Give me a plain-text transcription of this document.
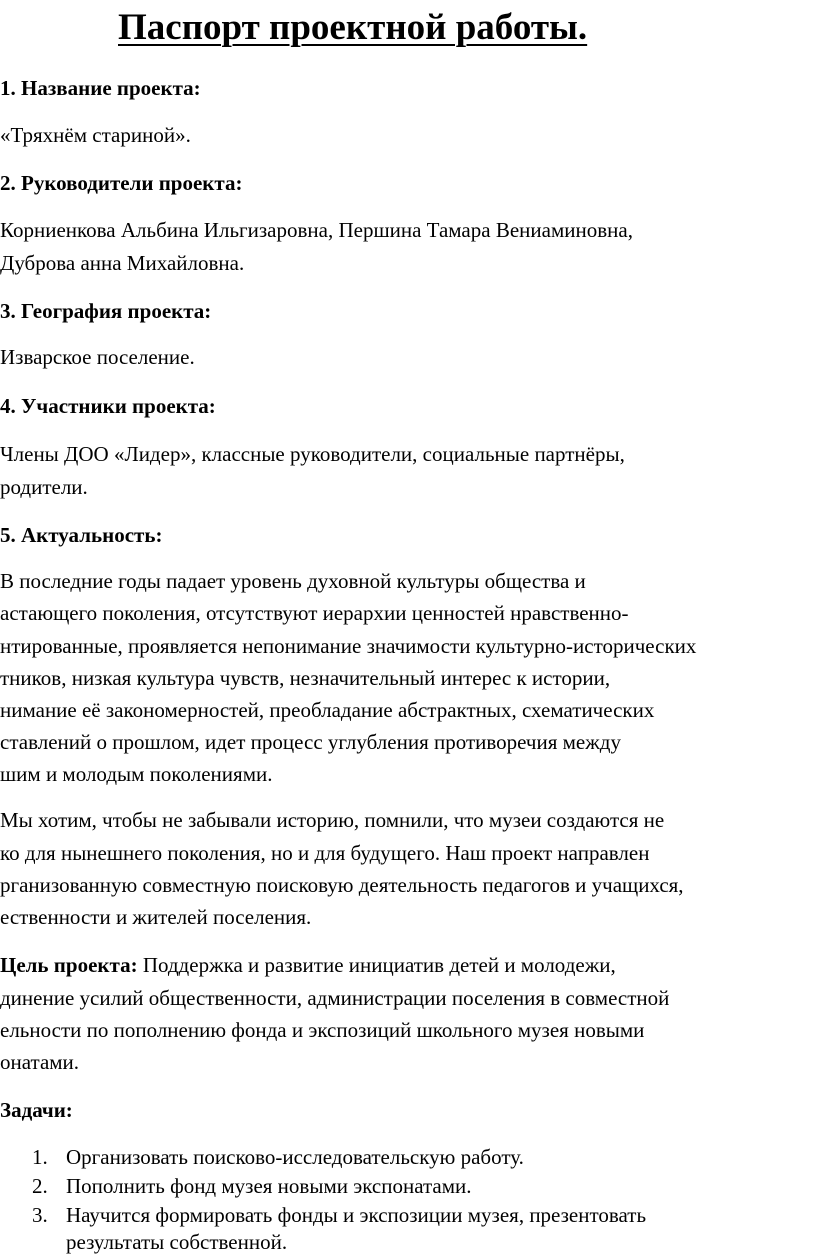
Паспорт проектной работы.
1. Название проекта:
«Тряхнём стариной».
2. Руководители проекта:
Корниенкова Альбина Ильгизаровна, Першина Тамара Вениаминовна,
Дуброва анна Михайловна.
3. География проекта:
Изварское поселение.
4. Участники проекта:
Члены ДОО «Лидер», классные руководители, социальные партнёры,
родители.
5. Актуальность:
В последние годы падает уровень духовной культуры общества и
астающего поколения, отсутствуют иерархии ценностей нравственно-
нтированные, проявляется непонимание значимости культурно-исторических
тников, низкая культура чувств, незначительный интерес к истории,
нимание её закономерностей, преобладание абстрактных, схематических
ставлений о прошлом, идет процесс углубления противоречия между
шим и молодым поколениями.
Мы хотим, чтобы не забывали историю, помнили, что музеи создаются не
ко для нынешнего поколения, но и для будущего. Наш проект направлен
рганизованную совместную поисковую деятельность педагогов и учащихся,
ественности и жителей поселения.
Цель проекта: Поддержка и развитие инициатив детей и молодежи,
динение усилий общественности, администрации поселения в совместной
ельности по пополнению фонда и экспозиций школьного музея новыми
онатами.
Задачи:
1. Организовать поисково-исследовательскую работу.
2. Пополнить фонд музея новыми экспонатами.
3. Научится формировать фонды и экспозиции музея, презентовать
результаты собственной.
